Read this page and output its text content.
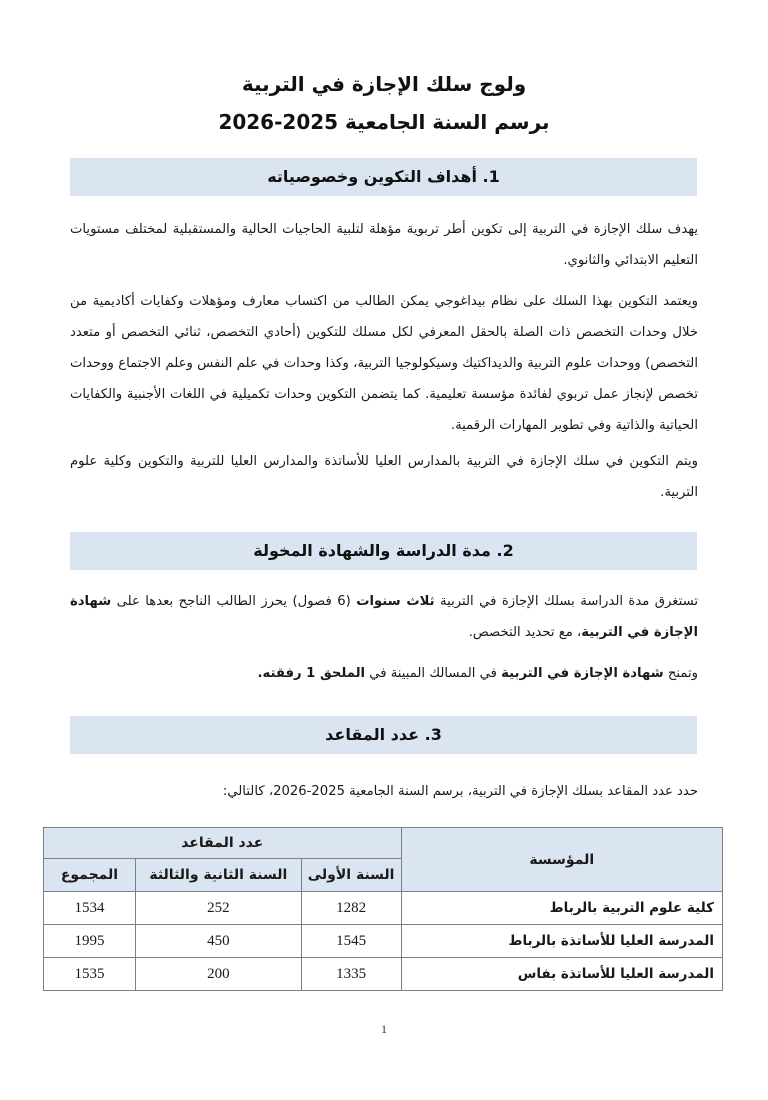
ولوج سلك الإجازة في التربية
برسم السنة الجامعية 2025-2026
1. أهداف التكوين وخصوصياته

يهدف سلك الإجازة في التربية إلى تكوين أطر تربوية مؤهلة لتلبية الحاجيات الحالية والمستقبلية لمختلف مستويات التعليم الابتدائي والثانوي.

ويعتمد التكوين بهذا السلك على نظام بيداغوجي يمكن الطالب من اكتساب معارف ومؤهلات وكفايات أكاديمية من خلال وحدات التخصص ذات الصلة بالحقل المعرفي لكل مسلك للتكوين (أحادي التخصص، ثنائي التخصص أو متعدد التخصص) ووحدات علوم التربية والديداكتيك وسيكولوجيا التربية، وكذا وحدات في علم النفس وعلم الاجتماع ووحدات تخصص لإنجاز عمل تربوي لفائدة مؤسسة تعليمية. كما يتضمن التكوين وحدات تكميلية في اللغات الأجنبية والكفايات الحياتية والذاتية وفي تطوير المهارات الرقمية.

ويتم التكوين في سلك الإجازة في التربية بالمدارس العليا للأساتذة والمدارس العليا للتربية والتكوين وكلية علوم التربية.

2. مدة الدراسة والشهادة المخولة

تستغرق مدة الدراسة بسلك الإجازة في التربية ثلاث سنوات (6 فصول) يحرز الطالب الناجح بعدها على شهادة الإجازة في التربية، مع تحديد التخصص.

وتمنح شهادة الإجازة في التربية في المسالك المبينة في الملحق 1 رفقته.

3. عدد المقاعد

حدد عدد المقاعد بسلك الإجازة في التربية، برسم السنة الجامعية 2025-2026، كالتالي:

المؤسسة	عدد المقاعد		
	السنة الأولى	السنة الثانية والثالثة	المجموع
كلية علوم التربية بالرباط	1282	252	1534
المدرسة العليا للأساتذة بالرباط	1545	450	1995
المدرسة العليا للأساتذة بفاس	1335	200	1535
1
